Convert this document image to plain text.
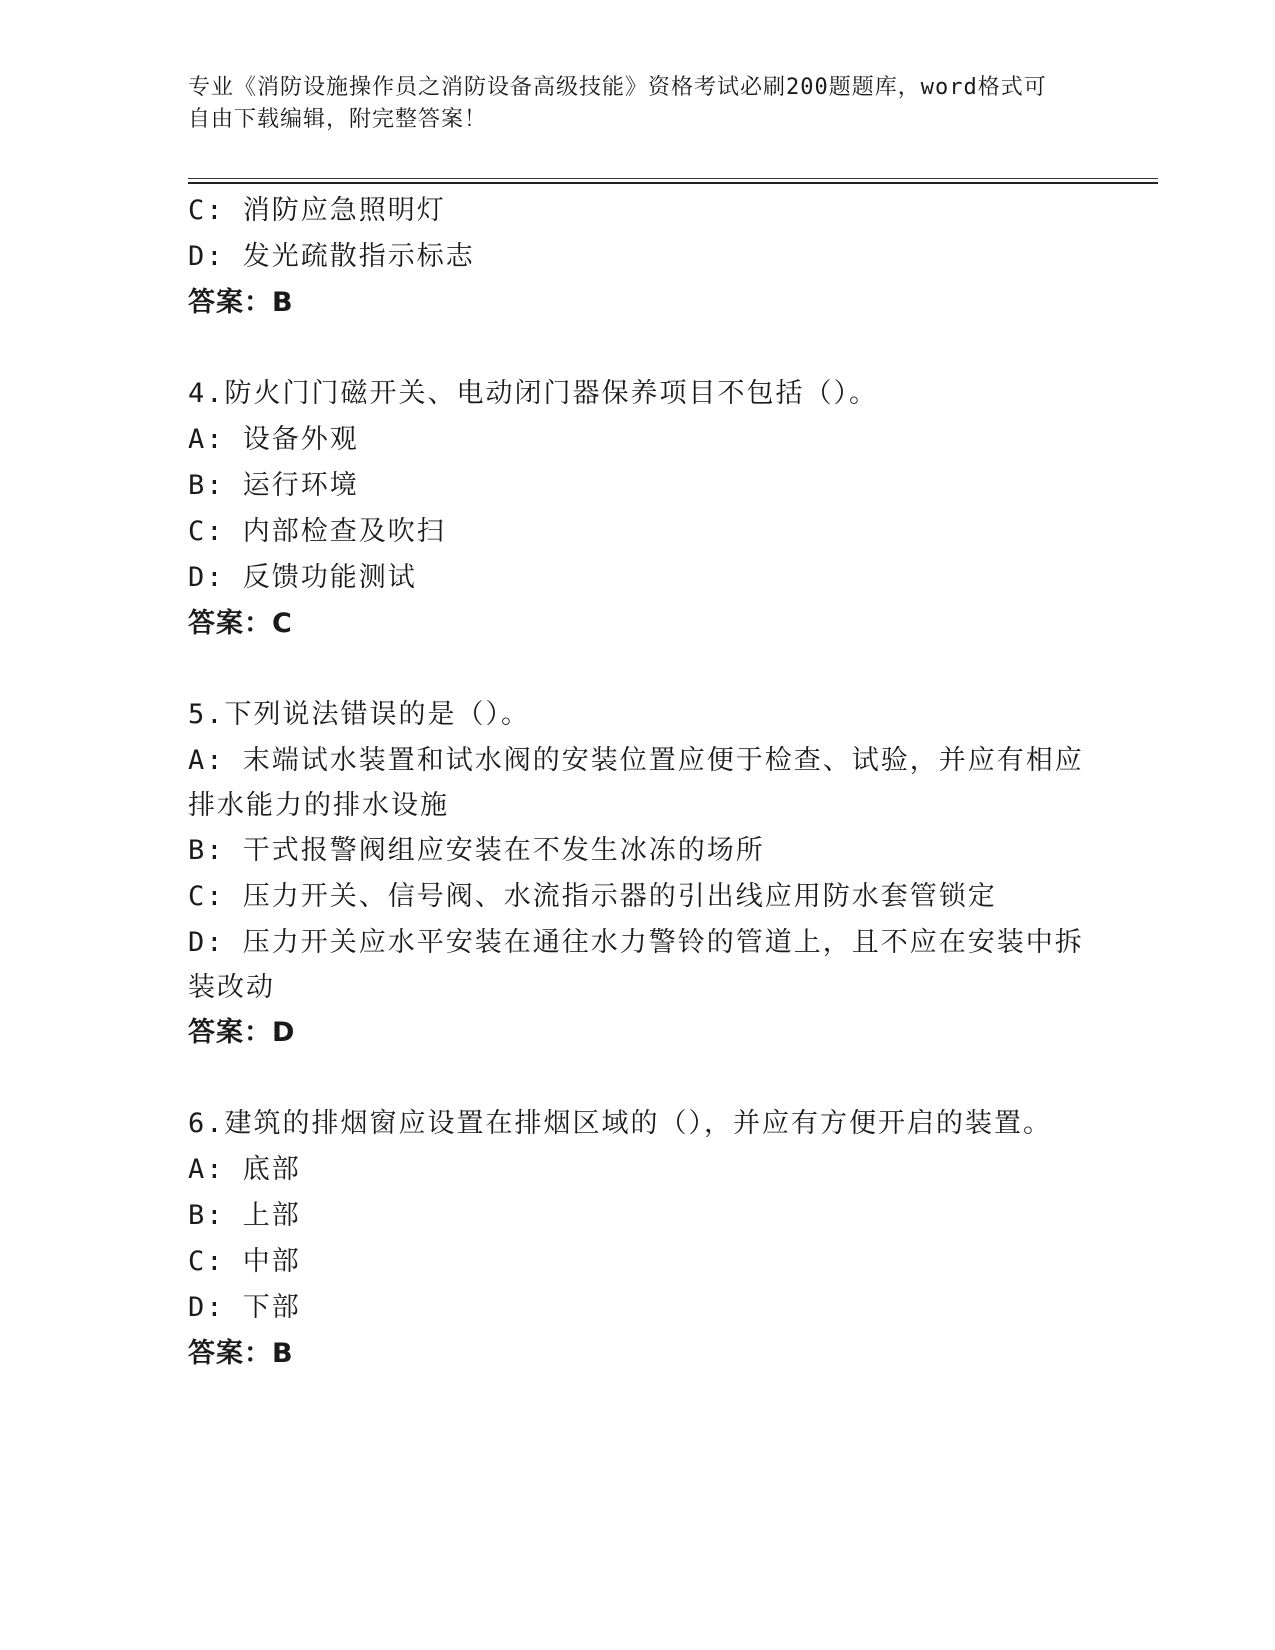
专业《消防设施操作员之消防设备高级技能》资格考试必刷200题题库，word格式可自由下载编辑，附完整答案！
C: 消防应急照明灯
D: 发光疏散指示标志
答案：B
4.防火门门磁开关、电动闭门器保养项目不包括（）。
A: 设备外观
B: 运行环境
C: 内部检查及吹扫
D: 反馈功能测试
答案：C
5.下列说法错误的是（）。
A: 末端试水装置和试水阀的安装位置应便于检查、试验，并应有相应排水能力的排水设施
B: 干式报警阀组应安装在不发生冰冻的场所
C: 压力开关、信号阀、水流指示器的引出线应用防水套管锁定
D: 压力开关应水平安装在通往水力警铃的管道上，且不应在安装中拆装改动
答案：D
6.建筑的排烟窗应设置在排烟区域的（），并应有方便开启的装置。
A: 底部
B: 上部
C: 中部
D: 下部
答案：B
